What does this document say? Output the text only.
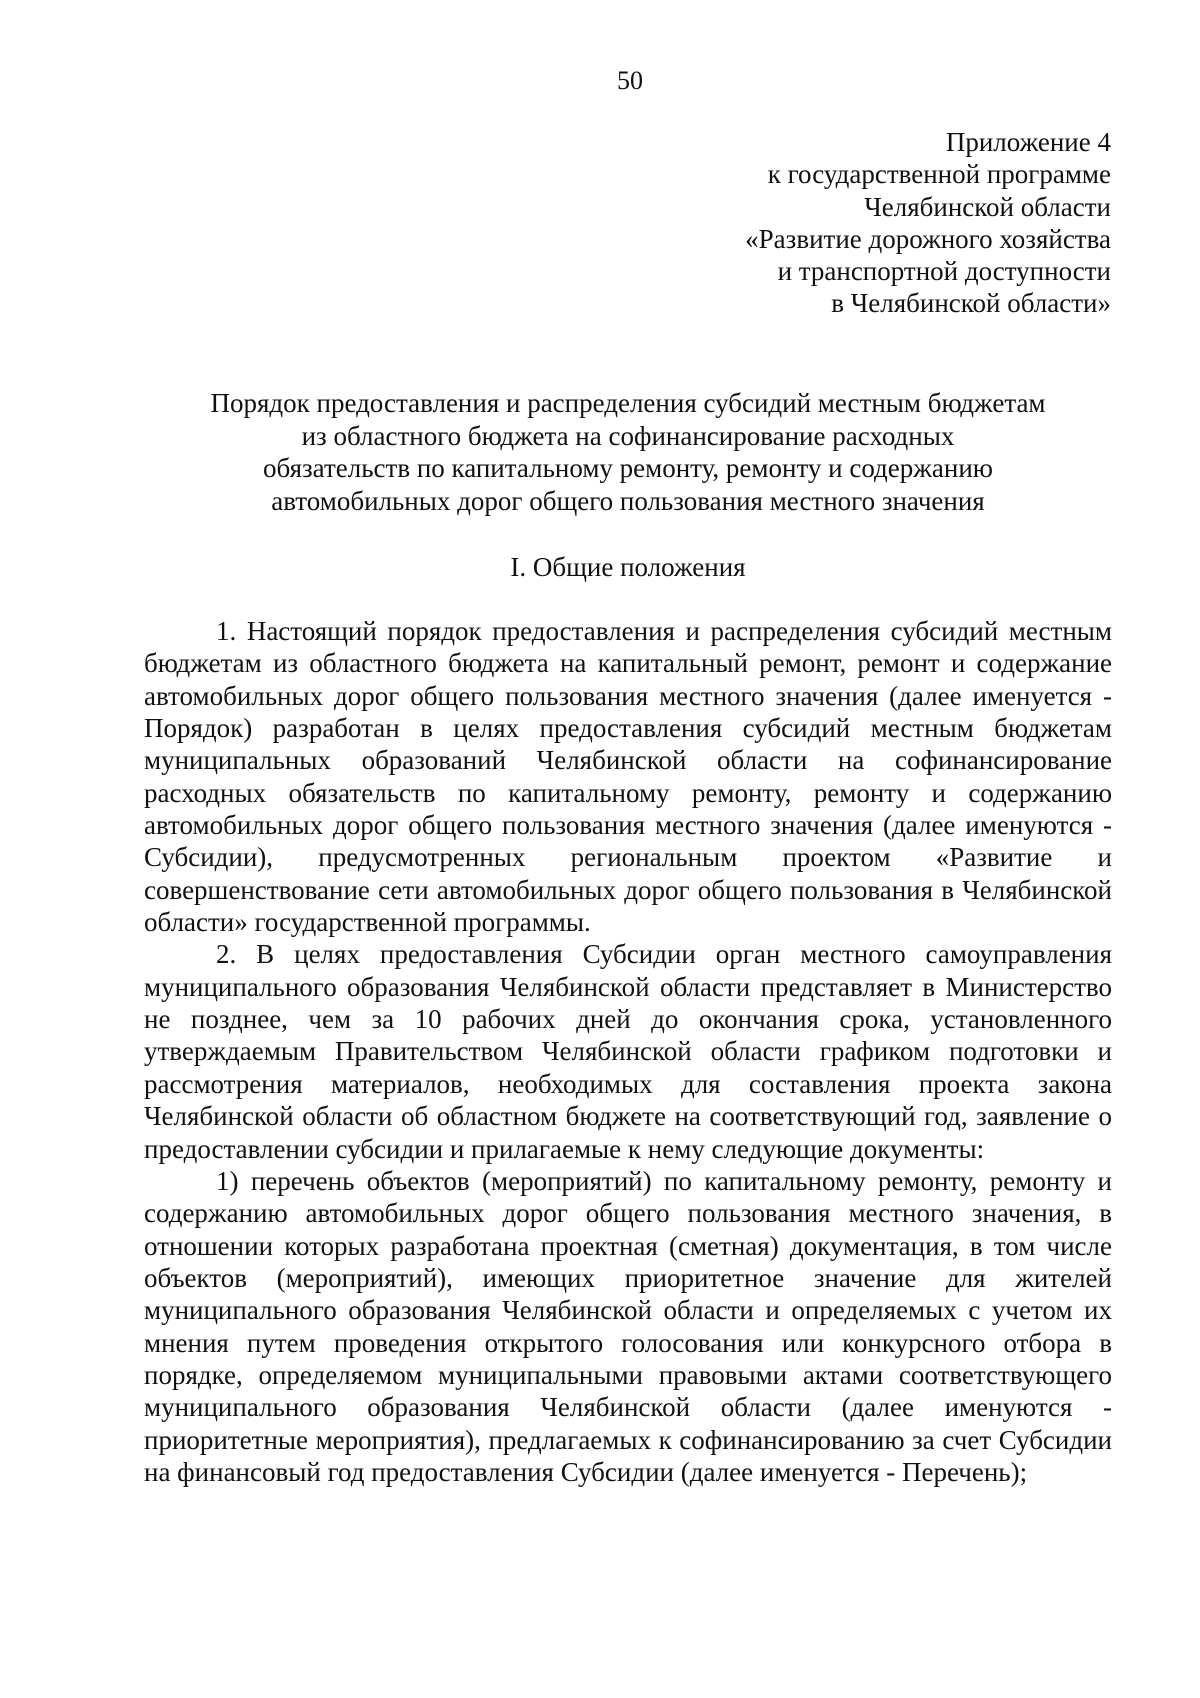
50
Приложение 4
к государственной программе
Челябинской области
«Развитие дорожного хозяйства
и транспортной доступности
в Челябинской области»
Порядок предоставления и распределения субсидий местным бюджетам
из областного бюджета на софинансирование расходных
обязательств по капитальному ремонту, ремонту и содержанию
автомобильных дорог общего пользования местного значения
I. Общие положения

1. Настоящий порядок предоставления и распределения субсидий местным бюджетам из областного бюджета на капитальный ремонт, ремонт и содержание автомобильных дорог общего пользования местного значения (далее именуется - Порядок) разработан в целях предоставления субсидий местным бюджетам муниципальных образований Челябинской области на софинансирование расходных обязательств по капитальному ремонту, ремонту и содержанию автомобильных дорог общего пользования местного значения (далее именуются - Субсидии), предусмотренных региональным проектом «Развитие и совершенствование сети автомобильных дорог общего пользования в Челябинской области» государственной программы.

2. В целях предоставления Субсидии орган местного самоуправления муниципального образования Челябинской области представляет в Министерство не позднее, чем за 10 рабочих дней до окончания срока, установленного утверждаемым Правительством Челябинской области графиком подготовки и рассмотрения материалов, необходимых для составления проекта закона Челябинской области об областном бюджете на соответствующий год, заявление о предоставлении субсидии и прилагаемые к нему следующие документы:

1) перечень объектов (мероприятий) по капитальному ремонту, ремонту и содержанию автомобильных дорог общего пользования местного значения, в отношении которых разработана проектная (сметная) документация, в том числе объектов (мероприятий), имеющих приоритетное значение для жителей муниципального образования Челябинской области и определяемых с учетом их мнения путем проведения открытого голосования или конкурсного отбора в порядке, определяемом муниципальными правовыми актами соответствующего муниципального образования Челябинской области (далее именуются - приоритетные мероприятия), предлагаемых к софинансированию за счет Субсидии на финансовый год предоставления Субсидии (далее именуется - Перечень);
